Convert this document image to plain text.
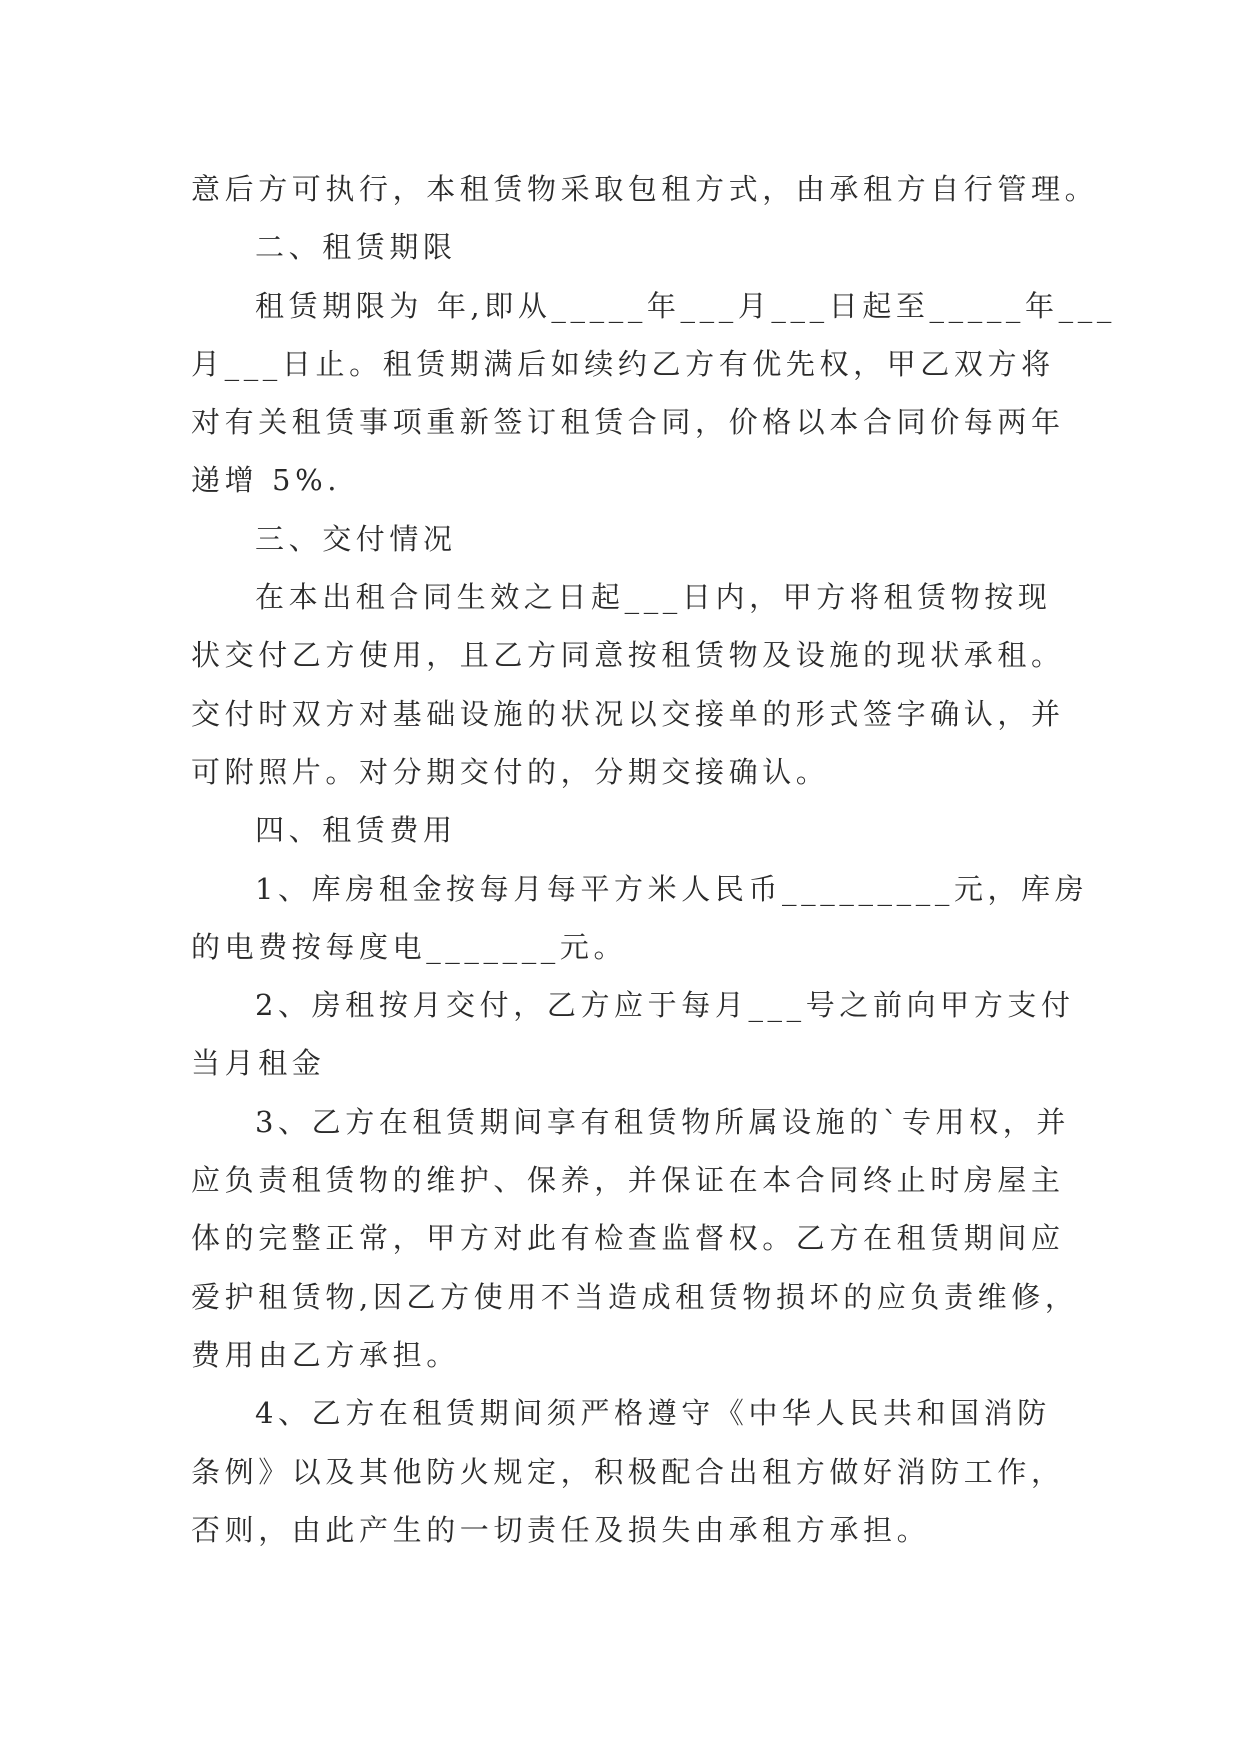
意后方可执行，本租赁物采取包租方式，由承租方自行管理。
二、租赁期限
租赁期限为 年,即从_____年___月___日起至_____年___
月___日止。租赁期满后如续约乙方有优先权，甲乙双方将
对有关租赁事项重新签订租赁合同，价格以本合同价每两年
递增 5%.
三、交付情况
在本出租合同生效之日起___日内，甲方将租赁物按现
状交付乙方使用，且乙方同意按租赁物及设施的现状承租。
交付时双方对基础设施的状况以交接单的形式签字确认，并
可附照片。对分期交付的，分期交接确认。
四、租赁费用
1、库房租金按每月每平方米人民币_________元，库房
的电费按每度电_______元。
2、房租按月交付，乙方应于每月___号之前向甲方支付
当月租金
3、乙方在租赁期间享有租赁物所属设施的`专用权，并
应负责租赁物的维护、保养，并保证在本合同终止时房屋主
体的完整正常，甲方对此有检查监督权。乙方在租赁期间应
爱护租赁物,因乙方使用不当造成租赁物损坏的应负责维修，
费用由乙方承担。
4、乙方在租赁期间须严格遵守《中华人民共和国消防
条例》以及其他防火规定，积极配合出租方做好消防工作，
否则，由此产生的一切责任及损失由承租方承担。
